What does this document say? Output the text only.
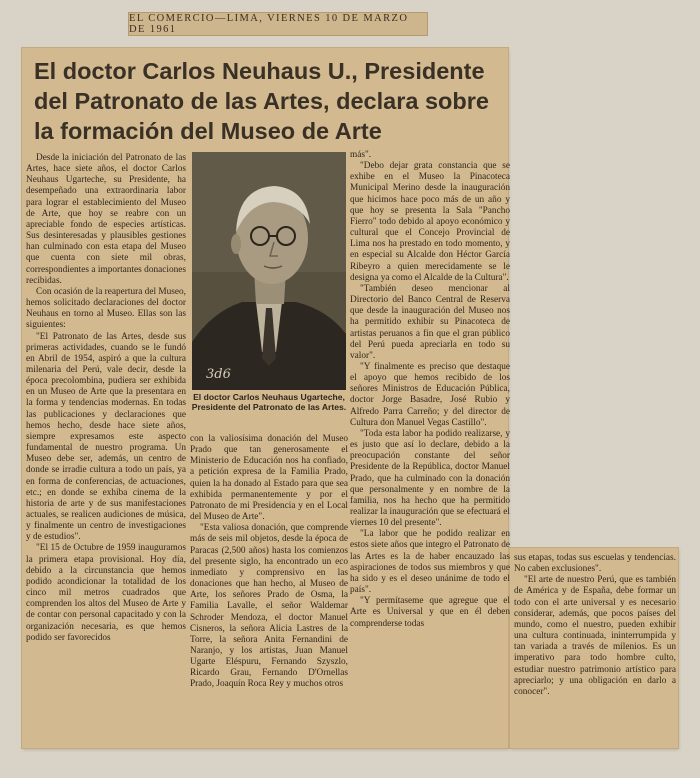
EL COMERCIO—LIMA, VIERNES 10 DE MARZO DE 1961
El doctor Carlos Neuhaus U., Presidente del Patronato de las Artes, declara sobre la formación del Museo de Arte

Desde la iniciación del Patronato de las Artes, hace siete años, el doctor Carlos Neuhaus Ugarteche, su Presidente, ha desempeñado una extraordinaria labor para lograr el establecimiento del Museo de Arte, que hoy se reabre con un apreciable fondo de especies artísticas. Sus desinteresadas y plausibles gestiones han culminado con esta etapa del Museo que cuenta con siete mil obras, correspondientes a importantes donaciones recibidas.

Con ocasión de la reapertura del Museo, hemos solicitado declaraciones del doctor Neuhaus en torno al Museo. Ellas son las siguientes:

"El Patronato de las Artes, desde sus primeras actividades, cuando se le fundó en Abril de 1954, aspiró a que la cultura milenaria del Perú, vale decir, desde la época precolombina, pudiera ser exhibida en un Museo de Arte que la presentara en la forma y tendencias modernas. En todas las publicaciones y declaraciones que hemos hecho, desde hace siete años, siempre expresamos este aspecto fundamental de nuestro programa. Un Museo debe ser, además, un centro de donde se irradie cultura a todo un país, ya en forma de conferencias, de actuaciones, etc.; en donde se exhiba cinema de la historia de arte y de sus manifestaciones actuales, se realicen audiciones de música, y finalmente un centro de investigaciones y de estudios".

"El 15 de Octubre de 1959 inauguramos la primera etapa provisional. Hoy día, debido a la circunstancia que hemos podido acondicionar la totalidad de los cinco mil metros cuadrados que comprenden los altos del Museo de Arte y de contar con personal capacitado y con la organización necesaria, es que hemos podido ser favorecidos

3d6
El doctor Carlos Neuhaus Ugarteche, Presidente del Patronato de las Artes.

con la valiosísima donación del Museo Prado que tan generosamente el Ministerio de Educación nos ha confiado, a petición expresa de la Familia Prado, quien la ha donado al Estado para que sea exhibida permanentemente y por el Patronato de mi Presidencia y en el Local del Museo de Arte".

"Esta valiosa donación, que comprende más de seis mil objetos, desde la época de Paracas (2,500 años) hasta los comienzos del presente siglo, ha encontrado un eco inmediato y comprensivo en las donaciones que han hecho, al Museo de Arte, los señores Prado de Osma, la Familia Lavalle, el señor Waldemar Schroder Mendoza, el doctor Manuel Cisneros, la señora Alicia Lastres de la Torre, la señora Anita Fernandini de Naranjo, y los artistas, Juan Manuel Ugarte Eléspuru, Fernando Szyszlo, Ricardo Grau, Fernando D'Ornellas Prado, Joaquín Roca Rey y muchos otros

más".

"Debo dejar grata constancia que se exhibe en el Museo la Pinacoteca Municipal Merino desde la inauguración que hicimos hace poco más de un año y que hoy se presenta la Sala "Pancho Fierro" todo debido al apoyo económico y cultural que el Concejo Provincial de Lima nos ha prestado en todo momento, y en especial su Alcalde don Héctor García Ribeyro a quien merecidamente se le designa ya como el Alcalde de la Cultura".

"También deseo mencionar al Directorio del Banco Central de Reserva que desde la inauguración del Museo nos ha permitido exhibir su Pinacoteca de artistas peruanos a fin que el gran público del Perú pueda apreciarla en todo su valor".

"Y finalmente es preciso que destaque el apoyo que hemos recibido de los señores Ministros de Educación Pública, doctor Jorge Basadre, José Rubio y Alfredo Parra Carreño; y del director de Cultura don Manuel Vegas Castillo".

"Toda esta labor ha podido realizarse, y es justo que así lo declare, debido a la preocupación constante del señor Presidente de la República, doctor Manuel Prado, que ha culminado con la donación que personalmente y en nombre de la familia, nos ha hecho que ha permitido realizar la inauguración que se efectuará el viernes 10 del presente".

"La labor que he podido realizar en estos siete años que integro el Patronato de las Artes es la de haber encauzado las aspiraciones de todos sus miembros y que ha sido y es el deseo unánime de todo el país".

"Y permítaseme que agregue que el Arte es Universal y que en él deben comprenderse todas

sus etapas, todas sus escuelas y tendencias. No caben exclusiones".

"El arte de nuestro Perú, que es también de América y de España, debe formar un todo con el arte universal y es necesario considerar, además, que pocos países del mundo, como el nuestro, pueden exhibir una cultura continuada, ininterrumpida y tan variada a través de milenios. Es un imperativo para todo hombre culto, estudiar nuestro patrimonio artístico para apreciarlo; y una obligación en darlo a conocer".
